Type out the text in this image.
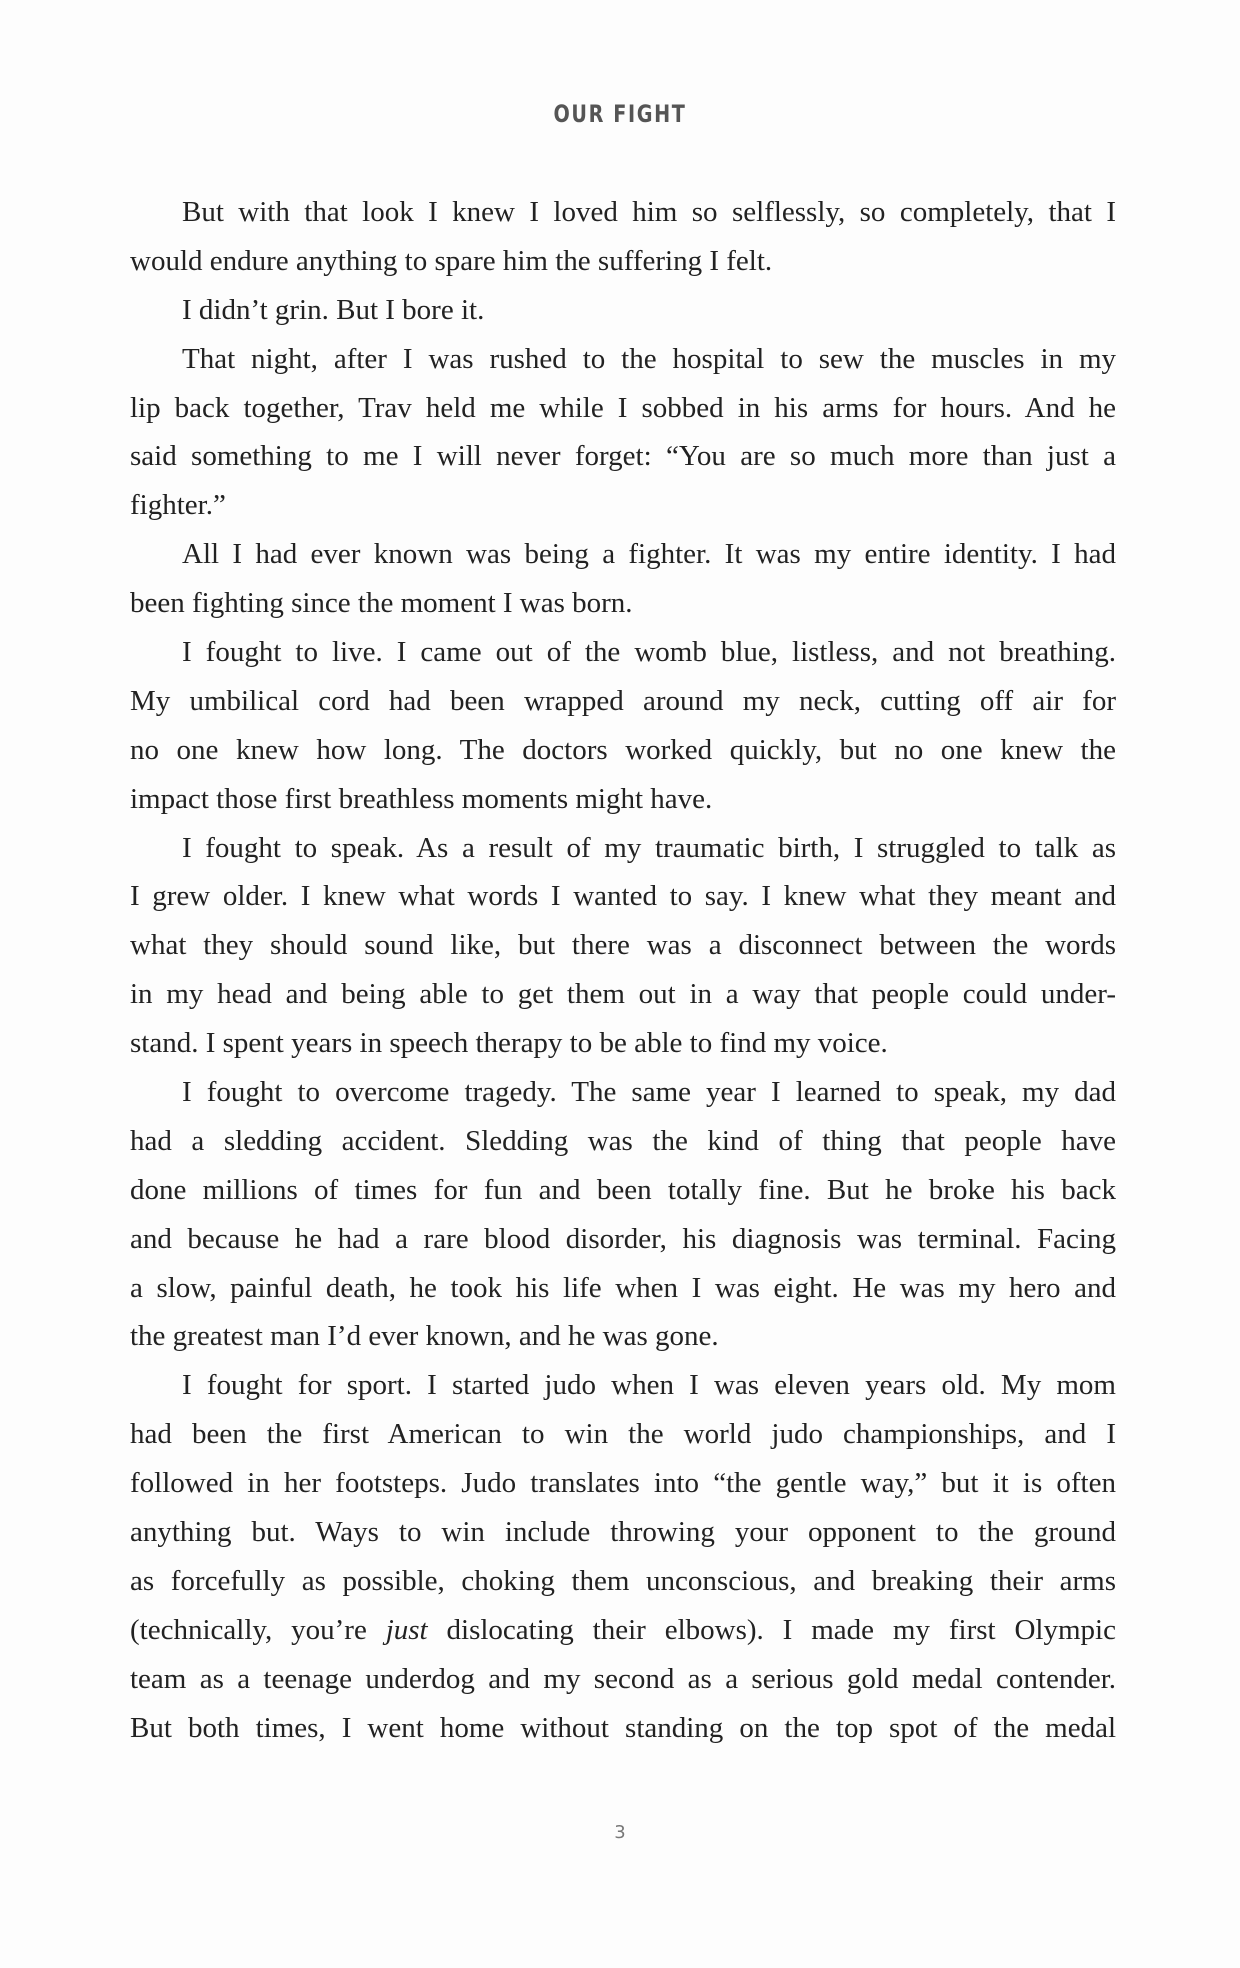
OUR FIGHT
But with that look I knew I loved him so selflessly, so completely, that I
would endure anything to spare him the suffering I felt.
I didn’t grin. But I bore it.
That night, after I was rushed to the hospital to sew the muscles in my
lip back together, Trav held me while I sobbed in his arms for hours. And he
said something to me I will never forget: “You are so much more than just a
fighter.”
All I had ever known was being a fighter. It was my entire identity. I had
been fighting since the moment I was born.
I fought to live. I came out of the womb blue, listless, and not breathing.
My umbilical cord had been wrapped around my neck, cutting off air for
no one knew how long. The doctors worked quickly, but no one knew the
impact those first breathless moments might have.
I fought to speak. As a result of my traumatic birth, I struggled to talk as
I grew older. I knew what words I wanted to say. I knew what they meant and
what they should sound like, but there was a disconnect between the words
in my head and being able to get them out in a way that people could under-
stand. I spent years in speech therapy to be able to find my voice.
I fought to overcome tragedy. The same year I learned to speak, my dad
had a sledding accident. Sledding was the kind of thing that people have
done millions of times for fun and been totally fine. But he broke his back
and because he had a rare blood disorder, his diagnosis was terminal. Facing
a slow, painful death, he took his life when I was eight. He was my hero and
the greatest man I’d ever known, and he was gone.
I fought for sport. I started judo when I was eleven years old. My mom
had been the first American to win the world judo championships, and I
followed in her footsteps. Judo translates into “the gentle way,” but it is often
anything but. Ways to win include throwing your opponent to the ground
as forcefully as possible, choking them unconscious, and breaking their arms
(technically, you’re just dislocating their elbows). I made my first Olympic
team as a teenage underdog and my second as a serious gold medal contender.
But both times, I went home without standing on the top spot of the medal
3
